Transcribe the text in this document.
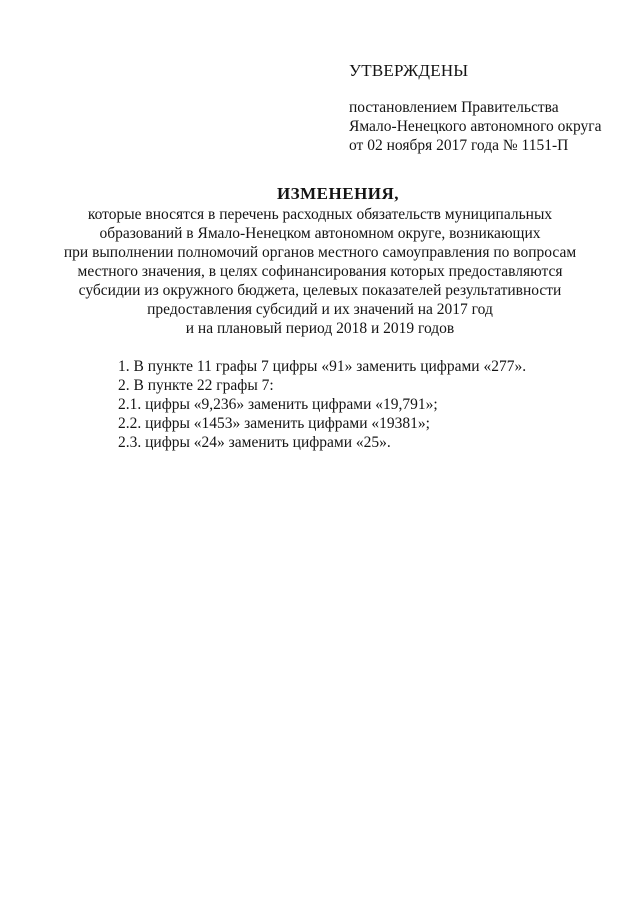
УТВЕРЖДЕНЫ
постановлением Правительства
Ямало-Ненецкого автономного округа
от 02 ноября 2017 года № 1151-П
ИЗМЕНЕНИЯ,
которые вносятся в перечень расходных обязательств муниципальных
образований в Ямало-Ненецком автономном округе, возникающих
при выполнении полномочий органов местного самоуправления по вопросам
местного значения, в целях софинансирования которых предоставляются
субсидии из окружного бюджета, целевых показателей результативности
предоставления субсидий и их значений на 2017 год
и на плановый период 2018 и 2019 годов
1. В пункте 11 графы 7 цифры «91» заменить цифрами «277».
2. В пункте 22 графы 7:
2.1. цифры «9,236» заменить цифрами «19,791»;
2.2. цифры «1453» заменить цифрами «19381»;
2.3. цифры «24» заменить цифрами «25».
